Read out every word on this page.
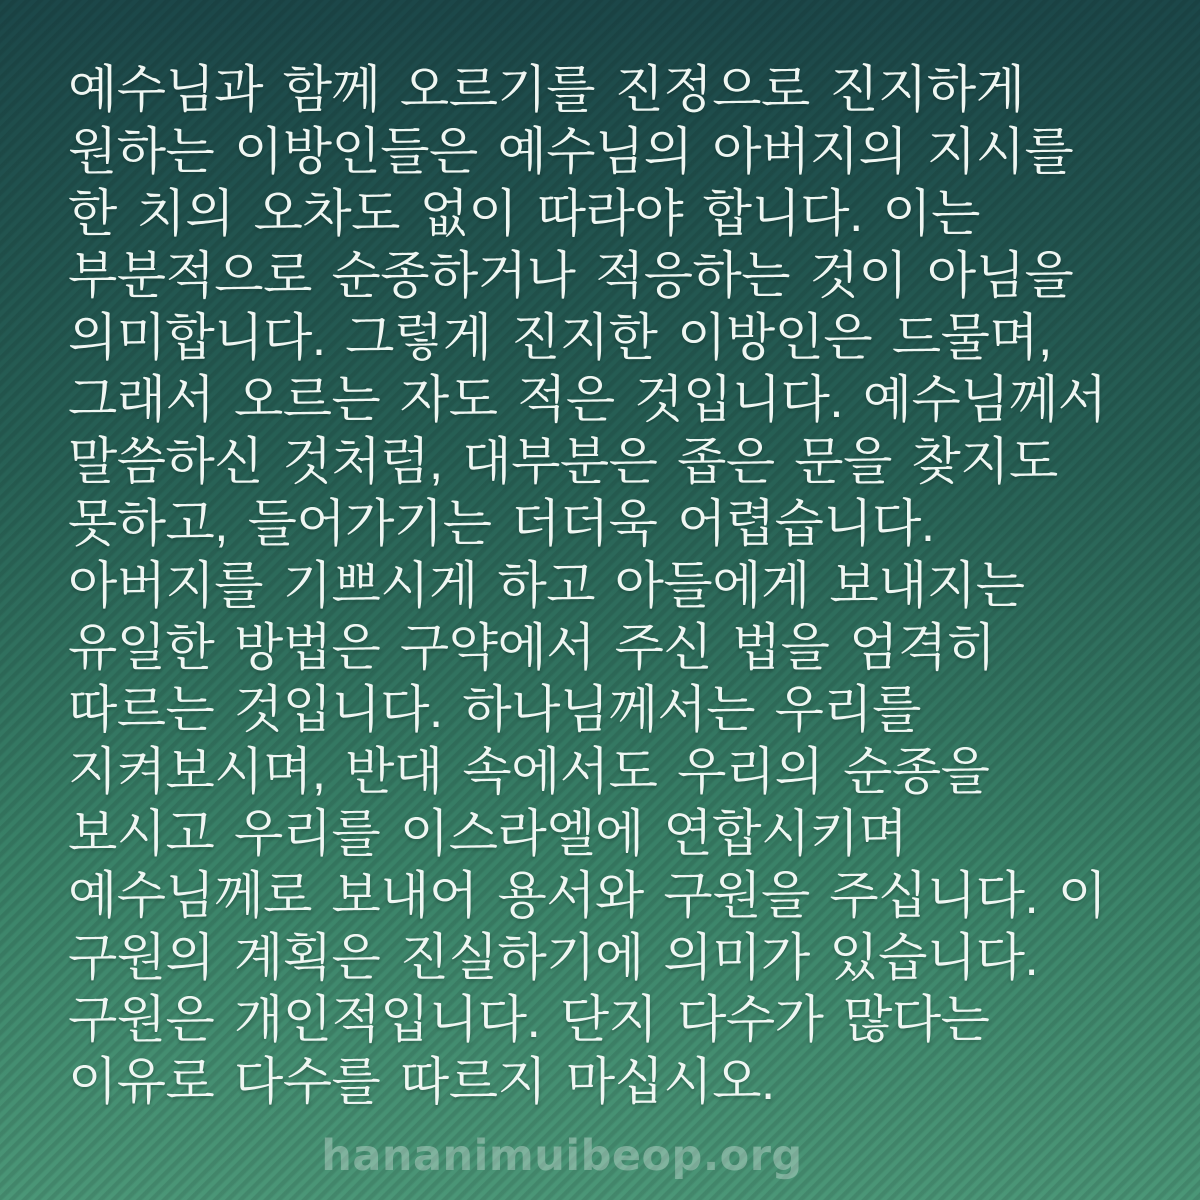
예수님과 함께 오르기를 진정으로 진지하게
원하는 이방인들은 예수님의 아버지의 지시를
한 치의 오차도 없이 따라야 합니다. 이는
부분적으로 순종하거나 적응하는 것이 아님을
의미합니다. 그렇게 진지한 이방인은 드물며,
그래서 오르는 자도 적은 것입니다. 예수님께서
말씀하신 것처럼, 대부분은 좁은 문을 찾지도
못하고, 들어가기는 더더욱 어렵습니다.
아버지를 기쁘시게 하고 아들에게 보내지는
유일한 방법은 구약에서 주신 법을 엄격히
따르는 것입니다. 하나님께서는 우리를
지켜보시며, 반대 속에서도 우리의 순종을
보시고 우리를 이스라엘에 연합시키며
예수님께로 보내어 용서와 구원을 주십니다. 이
구원의 계획은 진실하기에 의미가 있습니다.
구원은 개인적입니다. 단지 다수가 많다는
이유로 다수를 따르지 마십시오.
hananimuibeop.org
